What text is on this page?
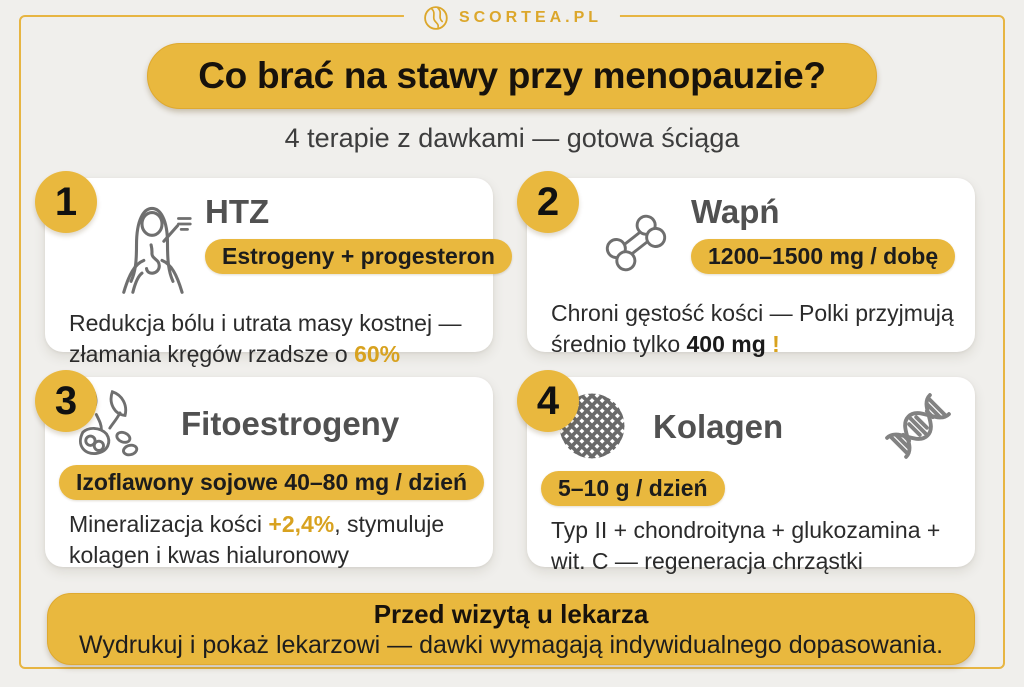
SCORTEA.PL
Co brać na stawy przy menopauzie?
4 terapie z dawkami — gotowa ściąga
1	HTZ
Estrogeny + progesteron

Redukcja bólu i utrata masy kostnej — złamania kręgów rzadsze o 60%

2	Wapń
1200–1500 mg / dobę

Chroni gęstość kości — Polki przyjmują średnio tylko 400 mg !

3
Fitoestrogeny
Izoflawony sojowe 40–80 mg / dzień

Mineralizacja kości +2,4%, stymuluje kolagen i kwas hialuronowy

4
Kolagen
5–10 g / dzień

Typ II + chondroityna + glukozamina + wit. C — regeneracja chrząstki

Przed wizytą u lekarza
Wydrukuj i pokaż lekarzowi — dawki wymagają indywidualnego dopasowania.
